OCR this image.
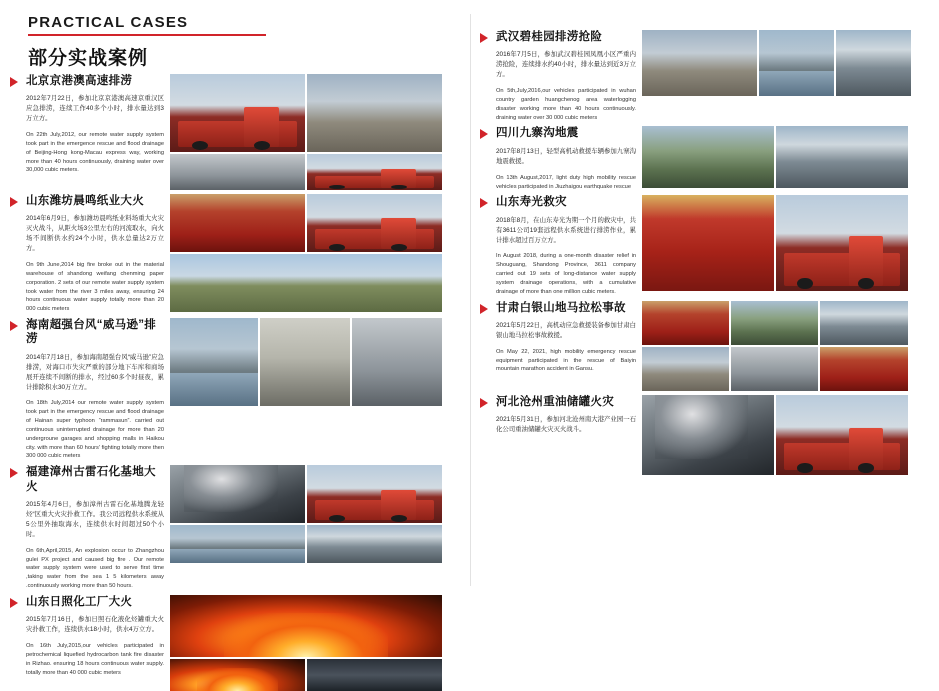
PRACTICAL CASES
部分实战案例
北京京港澳高速排涝
2012年7月22日，参加北京京港澳高速京重汉区应急排涝，连续工作40多个小时，排水量达到3万立方。
On 22th July,2012, our remote water supply system took part in the emergence rescue and flood drainage of Beijing-Hong kong-Macau express way, working more than 40 hours continuously, draining water over 30,000 cubic meters.
山东潍坊晨鸣纸业大火
2014年6月9日，参加潍坊晨鸣纸业料场重大火灾灭火战斗，从距火场3公里左右的河流取水，向火场不间断供水约24个小时，供水总量达2万立方。
On 9th June,2014 big fire broke out in the material warehouse of shandong weifang chenming paper corporation. 2 sets of our remote water supply system took water from the river 3 miles away, ensuring 24 hours continuous water supply totally more than 20 000 cubic meters
海南超强台风“威马逊”排涝
2014年7月18日，参加海南超强台风“威马逊”应急排涝，对海口市失灾严重的部分地下车库和商场展开连续不间断的排水，经过60多个时昼夜，累计排除积水30万立方。
On 18th July,2014 our remote water supply system took part in the emergency rescue and flood drainage of Hainan super typhoon “rammasun”. carried out continuous uninterrupted drainage for more than 20 undergroune garages and shopping malls in Haikou city. with more than 60 hours' fighting totally more then 300 000 cubic meters
福建漳州古雷石化基地大火
2015年4月6日，参加漳州古雷石化基地腾龙轻烃“区重大火灾扑救工作。我公司远程供水系统从5公里外抽取海水，连续供水时间超过50个小时。
On 6th,April,2015, An explosion occur to Zhangzhou gulei PX project and caused big fire . Our remote water supply system were used to serve first time ,taking water from the sea 1 5 kilometers away .continuously working more than 50 hours.
山东日照化工厂大火
2015年7月16日，参加日照石化液化烃罐重大火灾扑救工作，连续供水18小时，供水4万立方。
On 16th July,2015,our vehicles participated in petrochemical liquefied hydrocarbon tank fire disaster in Rizhao. ensuring 18 hours continuous water supply. totally more than 40 000 cubic meters
武汉碧桂园排涝抢险
2016年7月5日，参加武汉碧桂园凤凰小区严重内涝抢险，连续排水约40小时，排水量达到近3万立方。
On 5th,July,2016,our vehicles participated in wuhan country garden huangchenog area waterlogging disaster working more than 40 hours continuously. draining water over 30 000 cubic meters
四川九寨沟地震
2017年8月13日，轻型高机动救援车辆参加九寨沟地震救援。
On 13th August,2017, light duty high mobility rescue vehicles participated in Jiuzhaigou earthquake rescue
山东寿光救灾
2018年8月，在山东寿光为期一个月的救灾中，共有3611公司19套远程供水系统进行排涝作业，累计排水超过百万立方。
In August 2018, during a one-month disaster relief in Shouguang, Shandong Province, 3611 company carried out 19 sets of long-distance water supply system drainage operations, with a cumulative drainage of more than one million cubic meters.
甘肃白银山地马拉松事故
2021年5月22日，高机动应急救援装备参加甘肃白银山地马拉松事故救援。
On May 22, 2021, high mobility emergency rescue equipment participated in the rescue of Baiyin mountain marathon accident in Gansu.
河北沧州重油储罐火灾
2021年5月31日，参加河北沧州南大港产业园一石化公司重油储罐火灾灭火战斗。
